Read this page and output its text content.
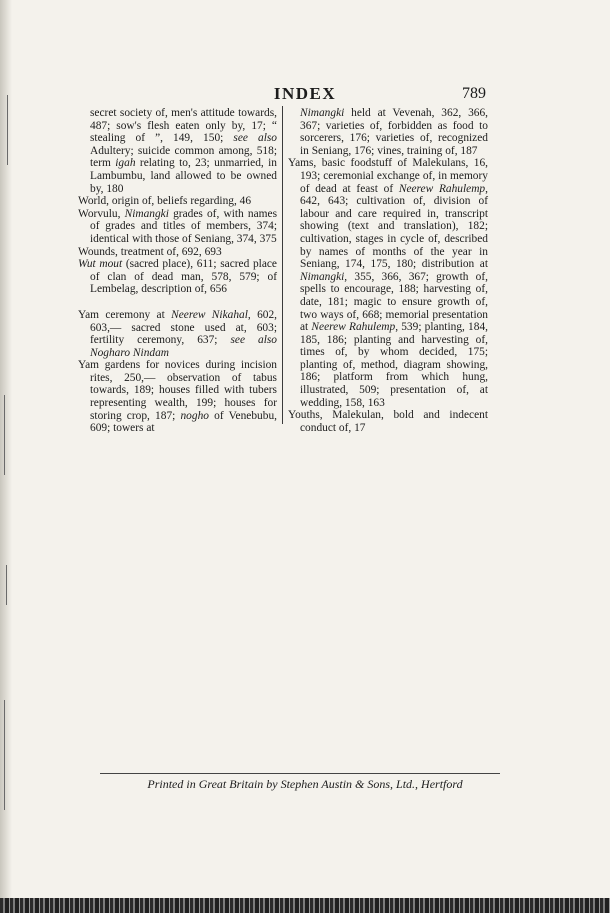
INDEX	789
secret society of, men's attitude towards, 487; sow's flesh eaten only by, 17; “ stealing of ”, 149, 150; see also Adultery; suicide common among, 518; term igah relating to, 23; unmarried, in Lambumbu, land allowed to be owned by, 180
World, origin of, beliefs regarding, 46
Worvulu, Nimangki grades of, with names of grades and titles of members, 374; identical with those of Seniang, 374, 375
Wounds, treatment of, 692, 693
Wut mout (sacred place), 611; sacred place of clan of dead man, 578, 579; of Lembelag, description of, 656
Yam ceremony at Neerew Nikahal, 602, 603,— sacred stone used at, 603; fertility ceremony, 637; see also Nogharo Nindam
Yam gardens for novices during incision rites, 250,— observation of tabus towards, 189; houses filled with tubers representing wealth, 199; houses for storing crop, 187; nogho of Venebubu, 609; towers at
Nimangki held at Vevenah, 362, 366, 367; varieties of, forbidden as food to sorcerers, 176; varieties of, recognized in Seniang, 176; vines, training of, 187
Yams, basic foodstuff of Malekulans, 16, 193; ceremonial exchange of, in memory of dead at feast of Neerew Rahulemp, 642, 643; cultivation of, division of labour and care required in, transcript showing (text and translation), 182; cultivation, stages in cycle of, described by names of months of the year in Seniang, 174, 175, 180; distribution at Nimangki, 355, 366, 367; growth of, spells to encourage, 188; harvesting of, date, 181; magic to ensure growth of, two ways of, 668; memorial presentation at Neerew Rahulemp, 539; planting, 184, 185, 186; planting and harvesting of, times of, by whom decided, 175; planting of, method, diagram showing, 186; platform from which hung, illustrated, 509; presentation of, at wedding, 158, 163
Youths, Malekulan, bold and indecent conduct of, 17
Printed in Great Britain by Stephen Austin & Sons, Ltd., Hertford
